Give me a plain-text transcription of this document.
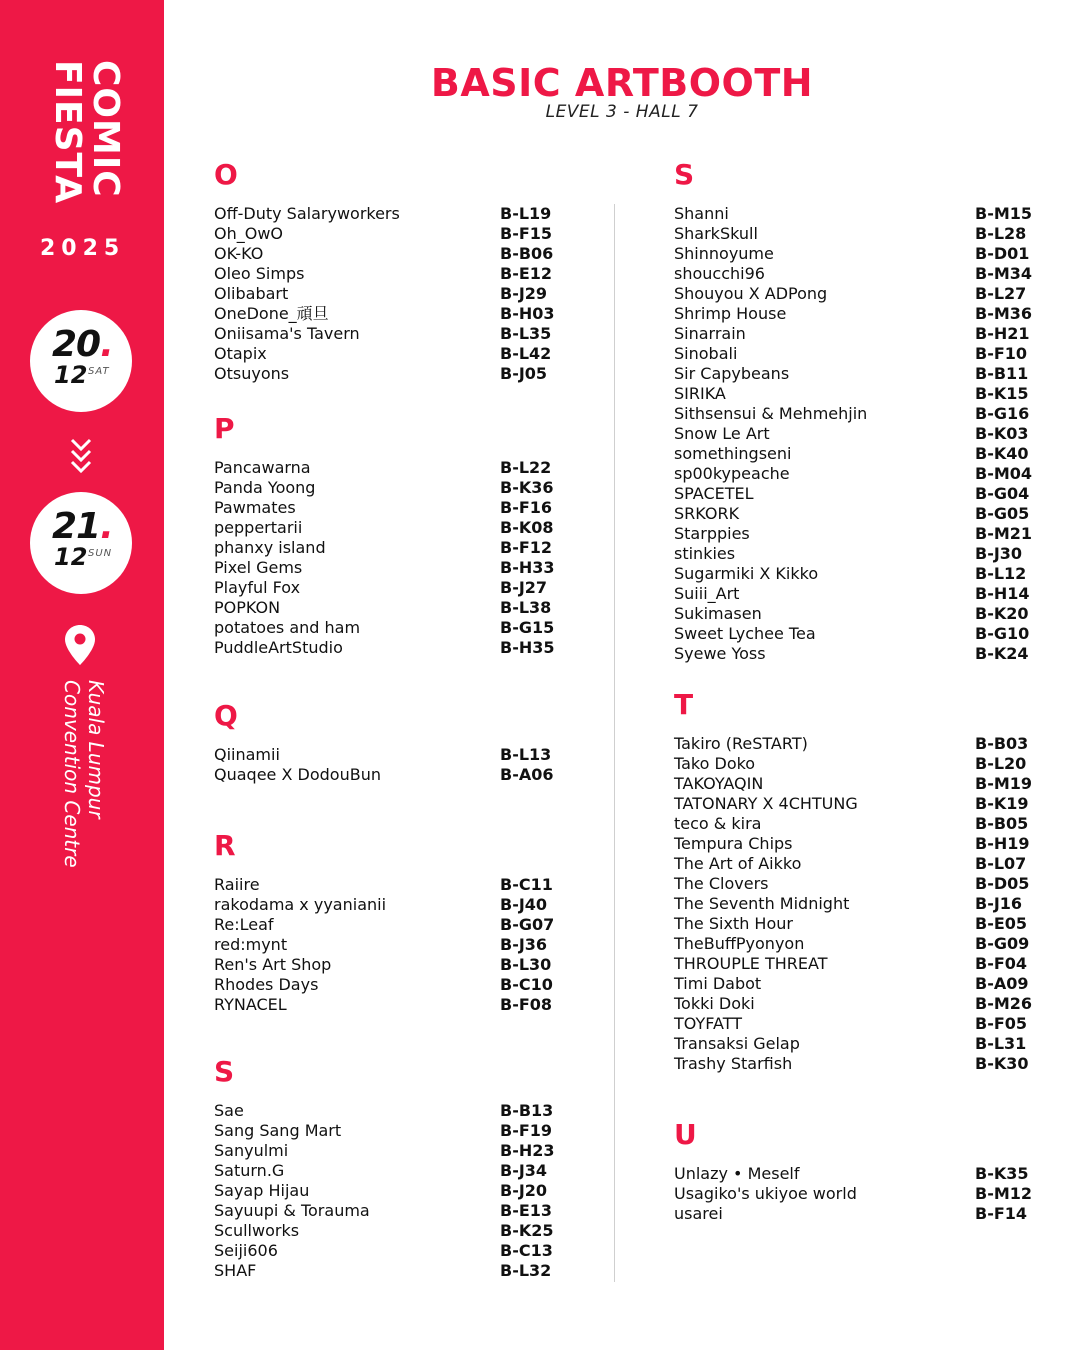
COMIC
FIESTA
2025
20.
12 SAT
21.
12 SUN
Kuala Lumpur
Convention Centre
BASIC ARTBOOTH
LEVEL 3 - HALL 7
O
Off-Duty Salaryworkers	B-L19
Oh_OwO	B-F15
OK-KO	B-B06
Oleo Simps	B-E12
Olibabart	B-J29
OneDone_頑旦	B-H03
Oniisama's Tavern	B-L35
Otapix	B-L42
Otsuyons	B-J05
P
Pancawarna	B-L22
Panda Yoong	B-K36
Pawmates	B-F16
peppertarii	B-K08
phanxy island	B-F12
Pixel Gems	B-H33
Playful Fox	B-J27
POPKON	B-L38
potatoes and ham	B-G15
PuddleArtStudio	B-H35
Q
Qiinamii	B-L13
Quaqee X DodouBun	B-A06
R
Raiire	B-C11
rakodama x yyanianii	B-J40
Re:Leaf	B-G07
red:mynt	B-J36
Ren's Art Shop	B-L30
Rhodes Days	B-C10
RYNACEL	B-F08
S
Sae	B-B13
Sang Sang Mart	B-F19
Sanyulmi	B-H23
Saturn.G	B-J34
Sayap Hijau	B-J20
Sayuupi & Torauma	B-E13
Scullworks	B-K25
Seiji606	B-C13
SHAF	B-L32
S
Shanni	B-M15
SharkSkull	B-L28
Shinnoyume	B-D01
shoucchi96	B-M34
Shouyou X ADPong	B-L27
Shrimp House	B-M36
Sinarrain	B-H21
Sinobali	B-F10
Sir Capybeans	B-B11
SIRIKA	B-K15
Sithsensui & Mehmehjin	B-G16
Snow Le Art	B-K03
somethingseni	B-K40
sp00kypeache	B-M04
SPACETEL	B-G04
SRKORK	B-G05
Starppies	B-M21
stinkies	B-J30
Sugarmiki X Kikko	B-L12
Suiii_Art	B-H14
Sukimasen	B-K20
Sweet Lychee Tea	B-G10
Syewe Yoss	B-K24
T
Takiro (ReSTART)	B-B03
Tako Doko	B-L20
TAKOYAQIN	B-M19
TATONARY X 4CHTUNG	B-K19
teco & kira	B-B05
Tempura Chips	B-H19
The Art of Aikko	B-L07
The Clovers	B-D05
The Seventh Midnight	B-J16
The Sixth Hour	B-E05
TheBuffPyonyon	B-G09
THROUPLE THREAT	B-F04
Timi Dabot	B-A09
Tokki Doki	B-M26
TOYFATT	B-F05
Transaksi Gelap	B-L31
Trashy Starfish	B-K30
U
Unlazy • Meself	B-K35
Usagiko's ukiyoe world	B-M12
usarei	B-F14
